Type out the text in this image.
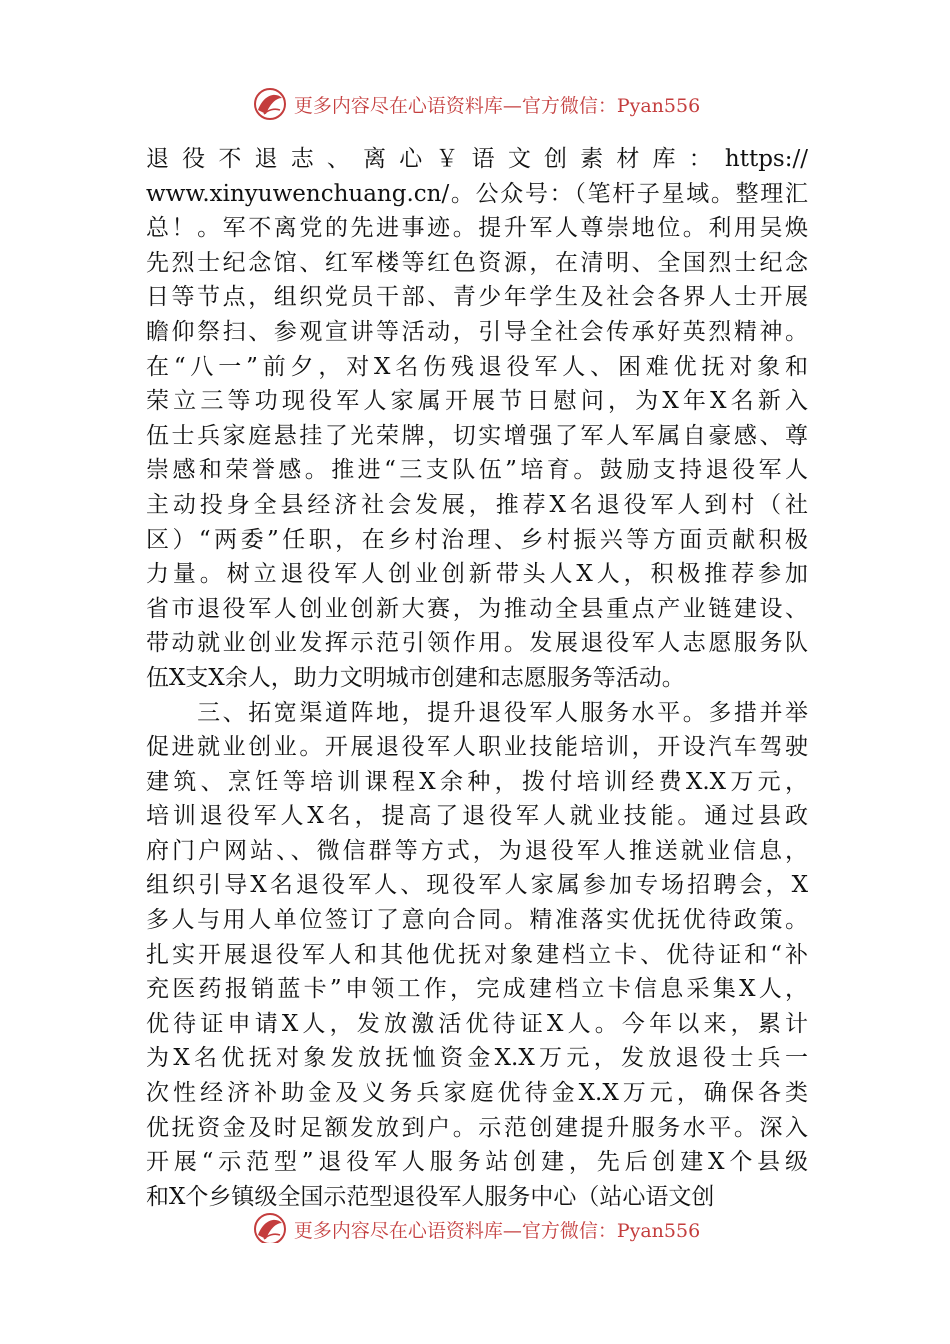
更多内容尽在心语资料库—官方微信：Pyan556
退 役 不 退 志 、 离 心 ￥ 语 文 创 素 材 库 ： https://
www.xinyuwenchuang.cn/。公众号：（笔杆子星域。整理汇
总！。军不离党的先进事迹。提升军人尊崇地位。利用吴焕
先烈士纪念馆、红军楼等红色资源，在清明、全国烈士纪念
日等节点，组织党员干部、青少年学生及社会各界人士开展
瞻仰祭扫、参观宣讲等活动，引导全社会传承好英烈精神。
在“八一”前夕，对X名伤残退役军人、困难优抚对象和
荣立三等功现役军人家属开展节日慰问，为X年X名新入
伍士兵家庭悬挂了光荣牌，切实增强了军人军属自豪感、尊
崇感和荣誉感。推进“三支队伍”培育。鼓励支持退役军人
主动投身全县经济社会发展，推荐X名退役军人到村（社
区）“两委”任职，在乡村治理、乡村振兴等方面贡献积极
力量。树立退役军人创业创新带头人X人，积极推荐参加
省市退役军人创业创新大赛，为推动全县重点产业链建设、
带动就业创业发挥示范引领作用。发展退役军人志愿服务队
伍X支X余人，助力文明城市创建和志愿服务等活动。
　　三、拓宽渠道阵地，提升退役军人服务水平。多措并举
促进就业创业。开展退役军人职业技能培训，开设汽车驾驶
建筑、烹饪等培训课程X余种，拨付培训经费X.X万元，
培训退役军人X名，提高了退役军人就业技能。通过县政
府门户网站、、微信群等方式，为退役军人推送就业信息，
组织引导X名退役军人、现役军人家属参加专场招聘会，X
多人与用人单位签订了意向合同。精准落实优抚优待政策。
扎实开展退役军人和其他优抚对象建档立卡、优待证和“补
充医药报销蓝卡”申领工作，完成建档立卡信息采集X人，
优待证申请X人，发放激活优待证X人。今年以来，累计
为X名优抚对象发放抚恤资金X.X万元，发放退役士兵一
次性经济补助金及义务兵家庭优待金X.X万元，确保各类
优抚资金及时足额发放到户。示范创建提升服务水平。深入
开展“示范型”退役军人服务站创建，先后创建X个县级
和X个乡镇级全国示范型退役军人服务中心（站心语文创
更多内容尽在心语资料库—官方微信：Pyan556
